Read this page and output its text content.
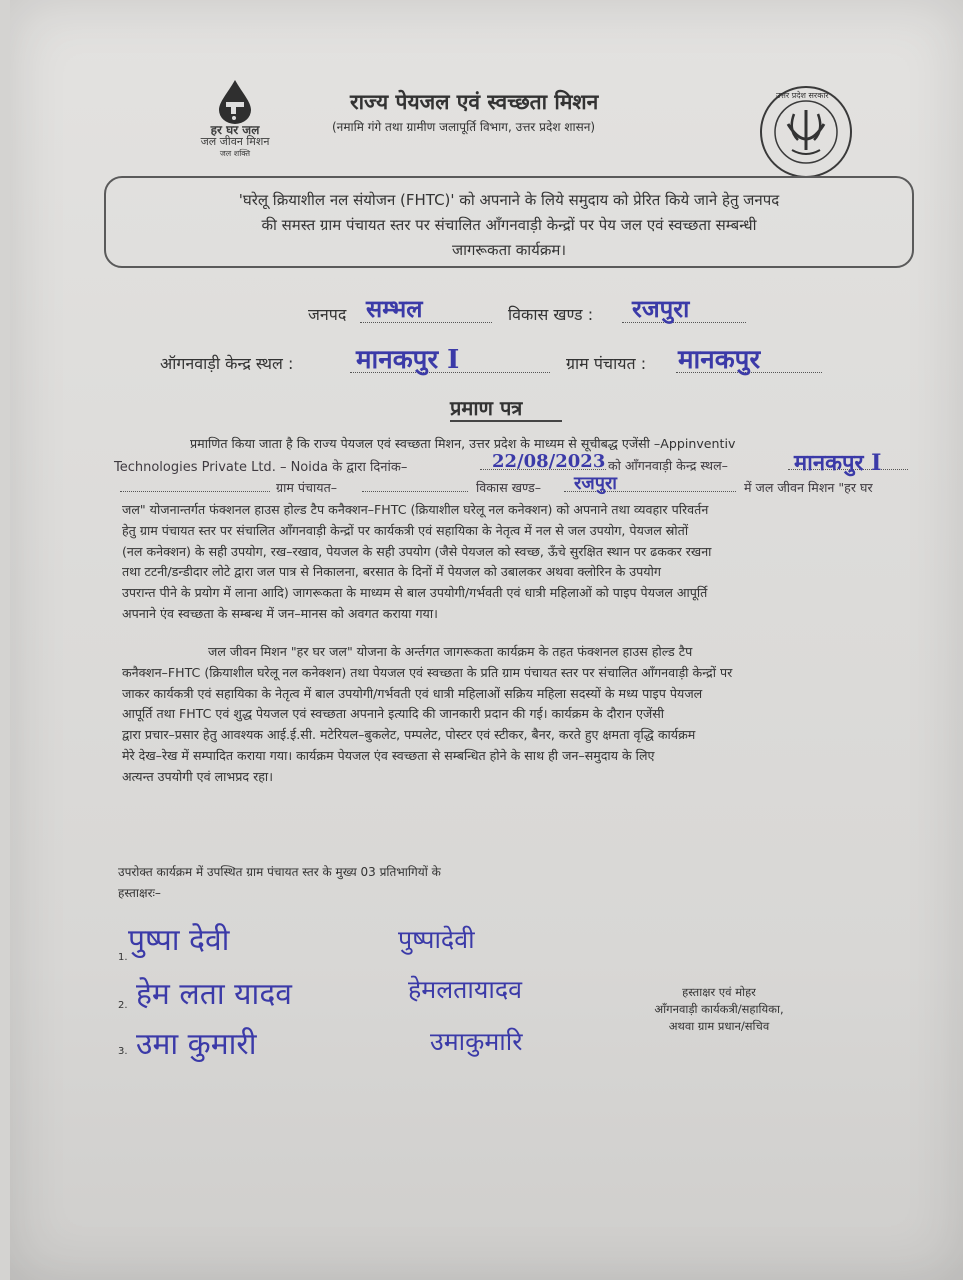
हर घर जल
जल जीवन मिशन
जल शक्ति
राज्य पेयजल एवं स्वच्छता मिशन
(नमामि गंगे तथा ग्रामीण जलापूर्ति विभाग, उत्तर प्रदेश शासन)
उत्तर प्रदेश सरकार
'घरेलू क्रियाशील नल संयोजन (FHTC)' को अपनाने के लिये समुदाय को प्रेरित किये जाने हेतु जनपद
की समस्त ग्राम पंचायत स्तर पर संचालित आँगनवाड़ी केन्द्रों पर पेय जल एवं स्वच्छता सम्बन्धी
जागरूकता कार्यक्रम।
जनपद सम्भल	विकास खण्ड : रजपुरा
ऑगनवाड़ी केन्द्र स्थल : मानकपुर I	ग्राम पंचायत : मानकपुर
प्रमाण पत्र
प्रमाणित किया जाता है कि राज्य पेयजल एवं स्वच्छता मिशन, उत्तर प्रदेश के माध्यम से सूचीबद्ध एजेंसी –Appinventiv
Technologies Private Ltd. – Noida के द्वारा दिनांक–	22/08/2023 को आँगनवाड़ी केन्द्र स्थल–	मानकपुर I
ग्राम पंचायत–	विकास खण्ड– रजपुरा	में जल जीवन मिशन "हर घर
जल" योजनान्तर्गत फंक्शनल हाउस होल्ड टैप कनैक्शन–FHTC (क्रियाशील घरेलू नल कनेक्शन) को अपनाने तथा व्यवहार परिवर्तन
हेतु ग्राम पंचायत स्तर पर संचालित आँगनवाड़ी केन्द्रों पर कार्यकत्री एवं सहायिका के नेतृत्व में नल से जल उपयोग, पेयजल स्रोतों
(नल कनेक्शन) के सही उपयोग, रख–रखाव, पेयजल के सही उपयोग (जैसे पेयजल को स्वच्छ, ऊँचे सुरक्षित स्थान पर ढककर रखना
तथा टटनी/डन्डीदार लोटे द्वारा जल पात्र से निकालना, बरसात के दिनों में पेयजल को उबालकर अथवा क्लोरिन के उपयोग
उपरान्त पीने के प्रयोग में लाना आदि) जागरूकता के माध्यम से बाल उपयोगी/गर्भवती एवं धात्री महिलाओं को पाइप पेयजल आपूर्ति
अपनाने एंव स्वच्छता के सम्बन्ध में जन–मानस को अवगत कराया गया।
जल जीवन मिशन "हर घर जल" योजना के अर्न्तगत जागरूकता कार्यक्रम के तहत फंक्शनल हाउस होल्ड टैप
कनैक्शन–FHTC (क्रियाशील घरेलू नल कनेक्शन) तथा पेयजल एवं स्वच्छता के प्रति ग्राम पंचायत स्तर पर संचालित आँगनवाड़ी केन्द्रों पर
जाकर कार्यकत्री एवं सहायिका के नेतृत्व में बाल उपयोगी/गर्भवती एवं धात्री महिलाओं सक्रिय महिला सदस्यों के मध्य पाइप पेयजल
आपूर्ति तथा FHTC एवं शुद्ध पेयजल एवं स्वच्छता अपनाने इत्यादि की जानकारी प्रदान की गई। कार्यक्रम के दौरान एजेंसी
द्वारा प्रचार–प्रसार हेतु आवश्यक आई.ई.सी. मटेरियल–बुकलेट, पम्पलेट, पोस्टर एवं स्टीकर, बैनर, करते हुए क्षमता वृद्धि कार्यक्रम
मेरे देख–रेख में सम्पादित कराया गया। कार्यक्रम पेयजल एंव स्वच्छता से सम्बन्धित होने के साथ ही जन–समुदाय के लिए
अत्यन्त उपयोगी एवं लाभप्रद रहा।
उपरोक्त कार्यक्रम में उपस्थित ग्राम पंचायत स्तर के मुख्य 03 प्रतिभागियों के
हस्ताक्षरः–
1. पुष्पा देवी	पुष्पादेवी
2. हेम लता यादव	हेमलतायादव
3. उमा कुमारी	उमाकुमारि
हस्ताक्षर एवं मोहर
आँगनवाड़ी कार्यकत्री/सहायिका,
अथवा ग्राम प्रधान/सचिव
